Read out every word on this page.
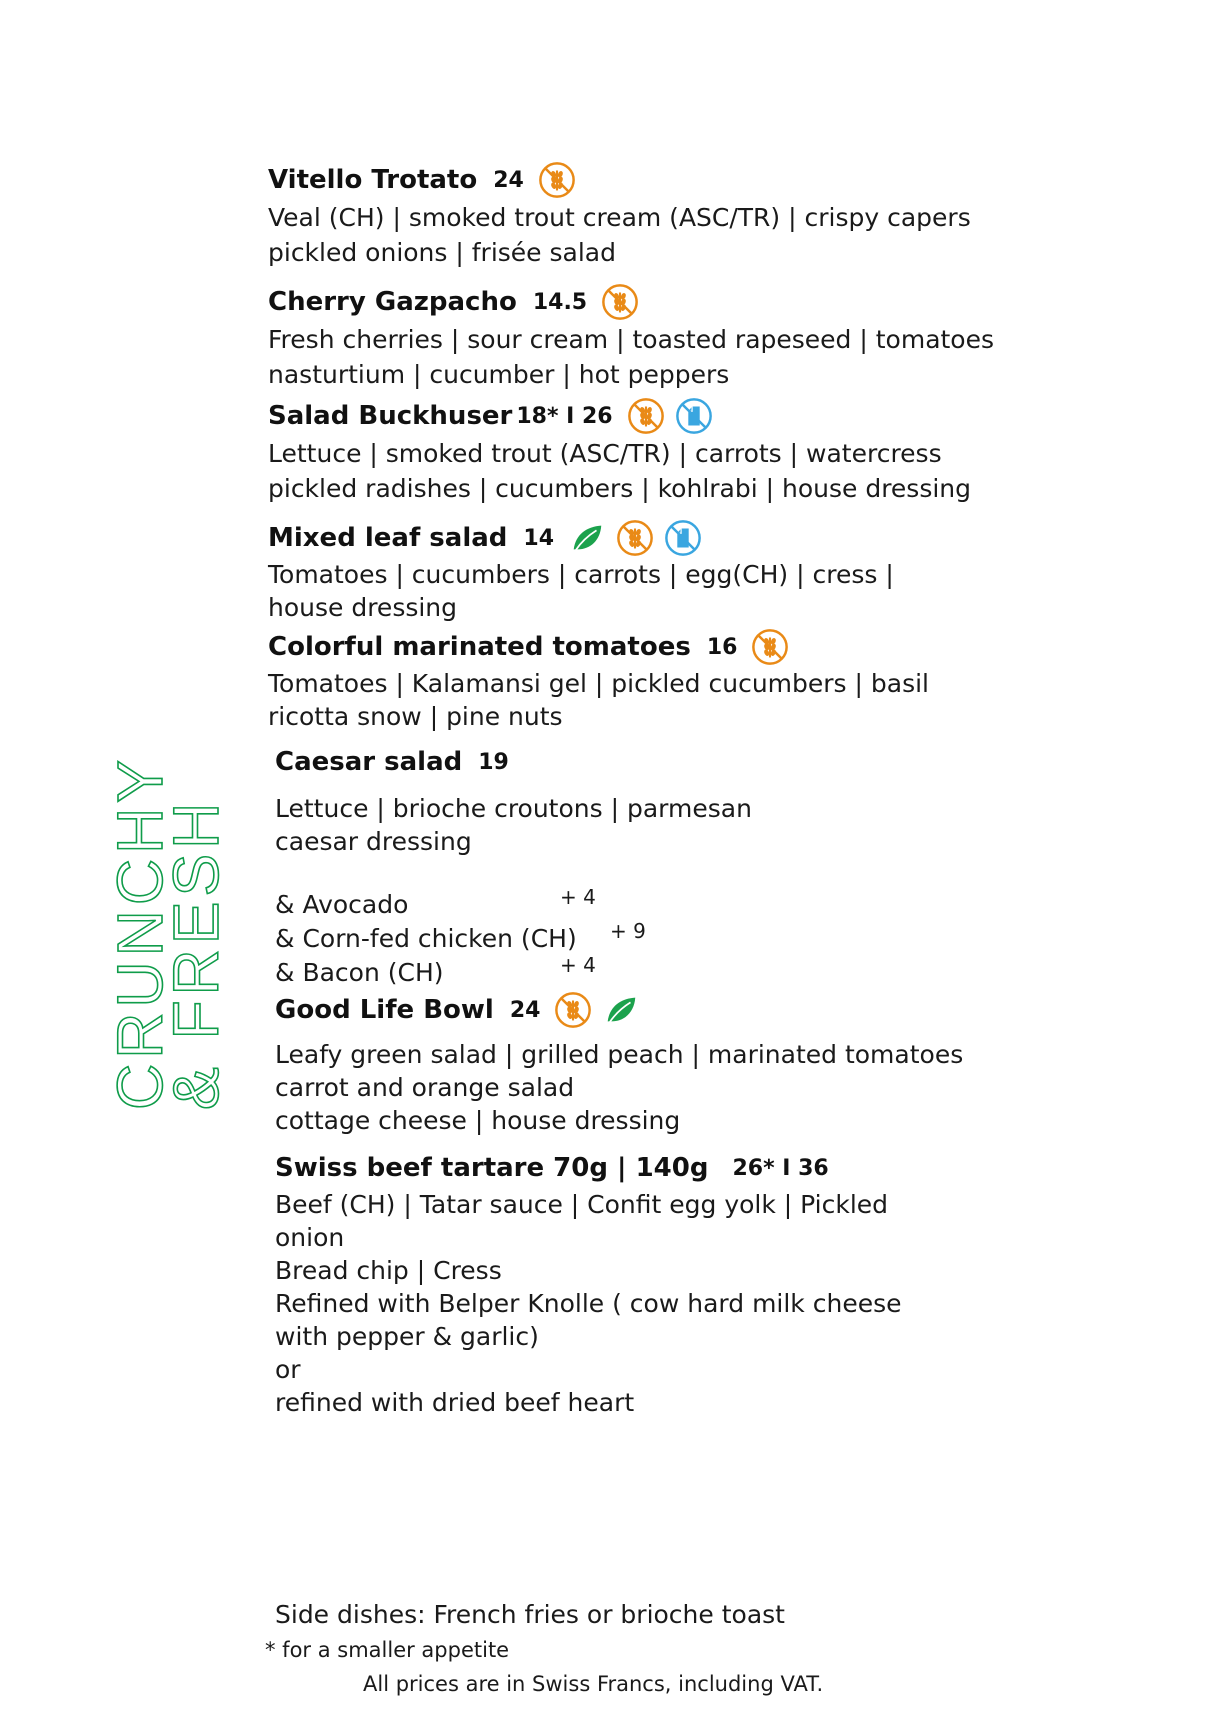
CRUNCHY
& FRESH
Vitello Trotato 24
Veal (CH) | smoked trout cream (ASC/TR) | crispy capers
pickled onions | frisée salad
Cherry Gazpacho 14.5
Fresh cherries | sour cream | toasted rapeseed | tomatoes
nasturtium | cucumber | hot peppers
Salad Buckhuser 18* I 26
Lettuce | smoked trout (ASC/TR) | carrots | watercress
pickled radishes | cucumbers | kohlrabi | house dressing
Mixed leaf salad 14
Tomatoes | cucumbers | carrots | egg(CH) | cress |
house dressing
Colorful marinated tomatoes 16
Tomatoes | Kalamansi gel | pickled cucumbers | basil
ricotta snow | pine nuts
Caesar salad 19
Lettuce | brioche croutons | parmesan
caesar dressing
& Avocado	+ 4
& Corn-fed chicken (CH) + 9
& Bacon (CH)	+ 4
Good Life Bowl 24
Leafy green salad | grilled peach | marinated tomatoes
carrot and orange salad
cottage cheese | house dressing
Swiss beef tartare 70g | 140g 26* I 36
Beef (CH) | Tatar sauce | Confit egg yolk | Pickled
onion
Bread chip | Cress
Refined with Belper Knolle ( cow hard milk cheese
with pepper & garlic)
or
refined with dried beef heart
Side dishes: French fries or brioche toast
* for a smaller appetite
All prices are in Swiss Francs, including VAT.
